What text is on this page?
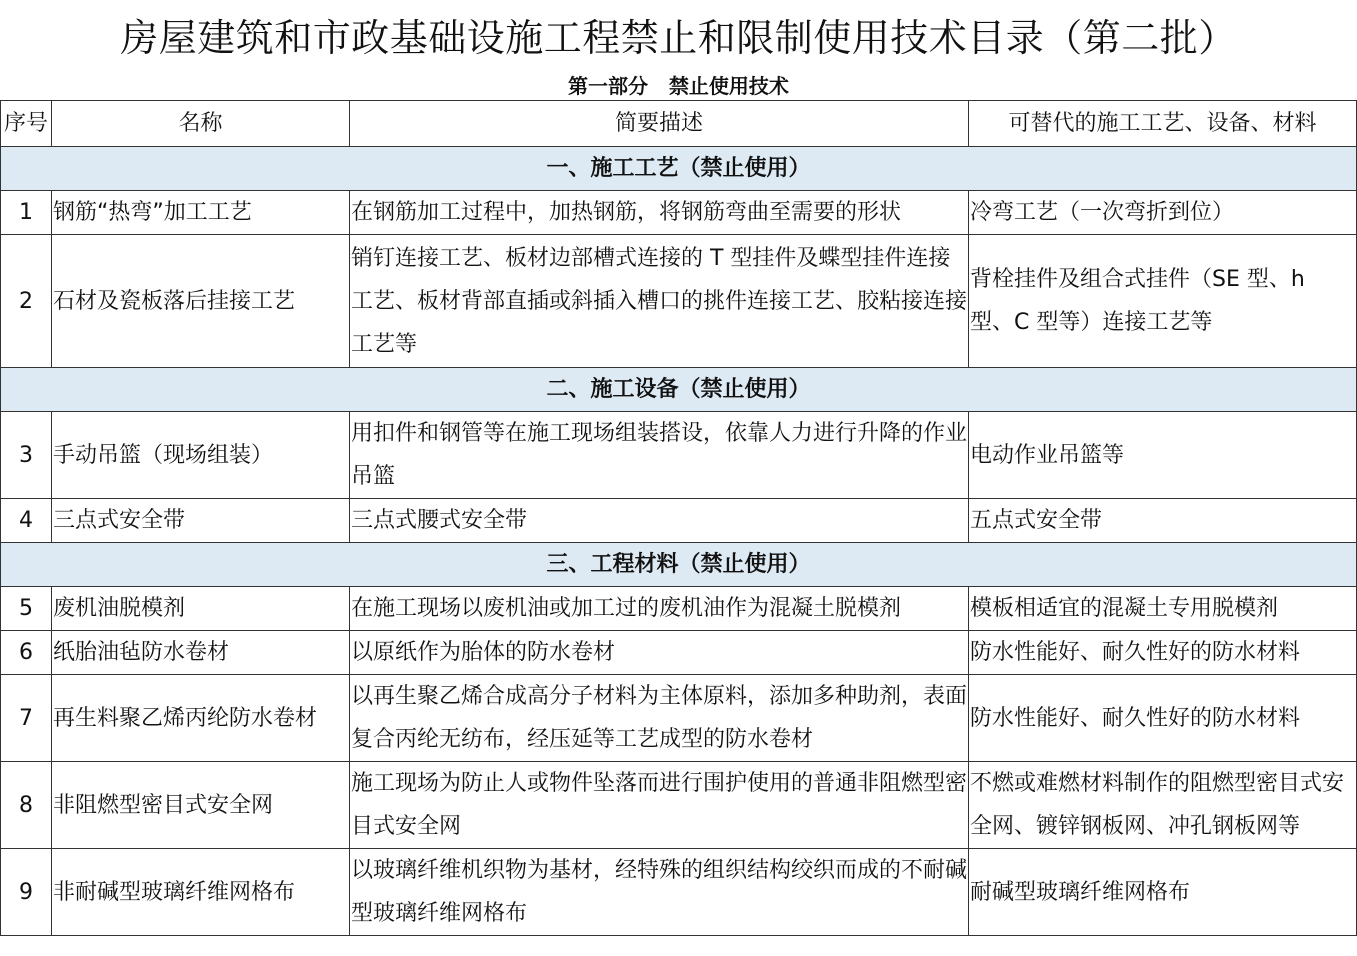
房屋建筑和市政基础设施工程禁止和限制使用技术目录（第二批）
第一部分   禁止使用技术
序号	名称	简要描述	可替代的施工工艺、设备、材料
一、施工工艺（禁止使用）			
1	钢筋“热弯”加工工艺	在钢筋加工过程中，加热钢筋，将钢筋弯曲至需要的形状	冷弯工艺（一次弯折到位）
2	石材及瓷板落后挂接工艺	销钉连接工艺、板材边部槽式连接的 T 型挂件及蝶型挂件连接工艺、板材背部直插或斜插入槽口的挑件连接工艺、胶粘接连接工艺等	背栓挂件及组合式挂件（SE 型、h 型、C 型等）连接工艺等
二、施工设备（禁止使用）			
3	手动吊篮（现场组装）	用扣件和钢管等在施工现场组装搭设，依靠人力进行升降的作业吊篮	电动作业吊篮等
4	三点式安全带	三点式腰式安全带	五点式安全带
三、工程材料（禁止使用）			
5	废机油脱模剂	在施工现场以废机油或加工过的废机油作为混凝土脱模剂	模板相适宜的混凝土专用脱模剂
6	纸胎油毡防水卷材	以原纸作为胎体的防水卷材	防水性能好、耐久性好的防水材料
7	再生料聚乙烯丙纶防水卷材	以再生聚乙烯合成高分子材料为主体原料，添加多种助剂，表面复合丙纶无纺布，经压延等工艺成型的防水卷材	防水性能好、耐久性好的防水材料
8	非阻燃型密目式安全网	施工现场为防止人或物件坠落而进行围护使用的普通非阻燃型密目式安全网	不燃或难燃材料制作的阻燃型密目式安全网、镀锌钢板网、冲孔钢板网等
9	非耐碱型玻璃纤维网格布	以玻璃纤维机织物为基材，经特殊的组织结构绞织而成的不耐碱型玻璃纤维网格布	耐碱型玻璃纤维网格布
